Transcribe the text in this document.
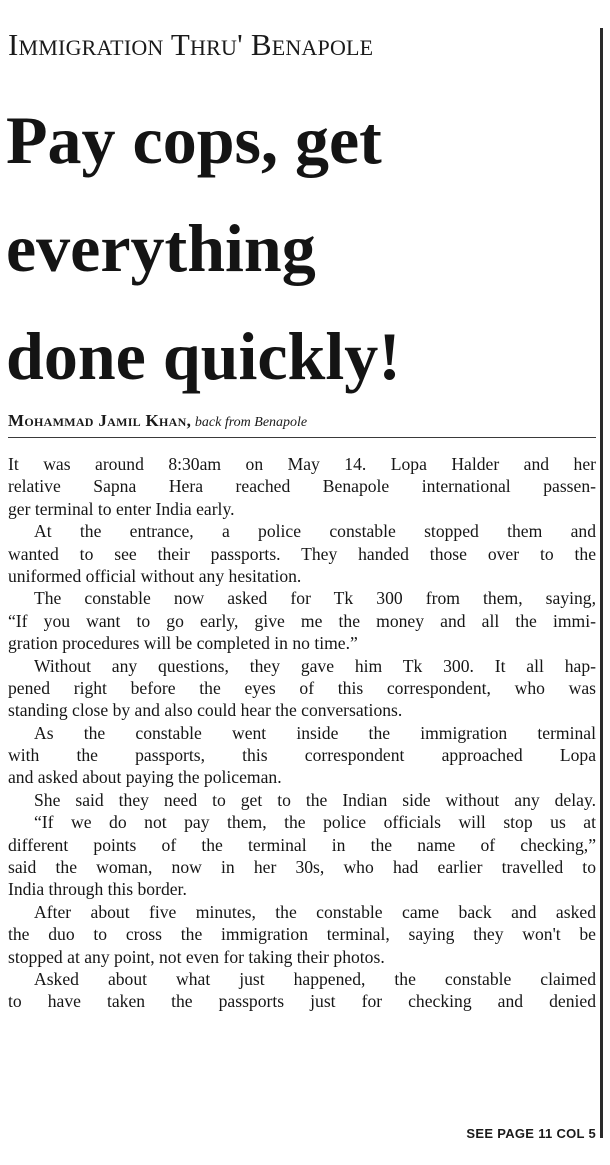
Immigration Thru' Benapole
Pay cops, get
everything
done quickly!
Mohammad Jamil Khan, back from Benapole
It was around 8:30am on May 14. Lopa Halder and her
relative Sapna Hera reached Benapole international passen-
ger terminal to enter India early.
At the entrance, a police constable stopped them and
wanted to see their passports. They handed those over to the
uniformed official without any hesitation.
The constable now asked for Tk 300 from them, saying,
“If you want to go early, give me the money and all the immi-
gration procedures will be completed in no time.”
Without any questions, they gave him Tk 300. It all hap-
pened right before the eyes of this correspondent, who was
standing close by and also could hear the conversations.
As the constable went inside the immigration terminal
with the passports, this correspondent approached Lopa
and asked about paying the policeman.
She said they need to get to the Indian side without any delay.
“If we do not pay them, the police officials will stop us at
different points of the terminal in the name of checking,”
said the woman, now in her 30s, who had earlier travelled to
India through this border.
After about five minutes, the constable came back and asked
the duo to cross the immigration terminal, saying they won't be
stopped at any point, not even for taking their photos.
Asked about what just happened, the constable claimed
to have taken the passports just for checking and denied
SEE PAGE 11 COL 5
